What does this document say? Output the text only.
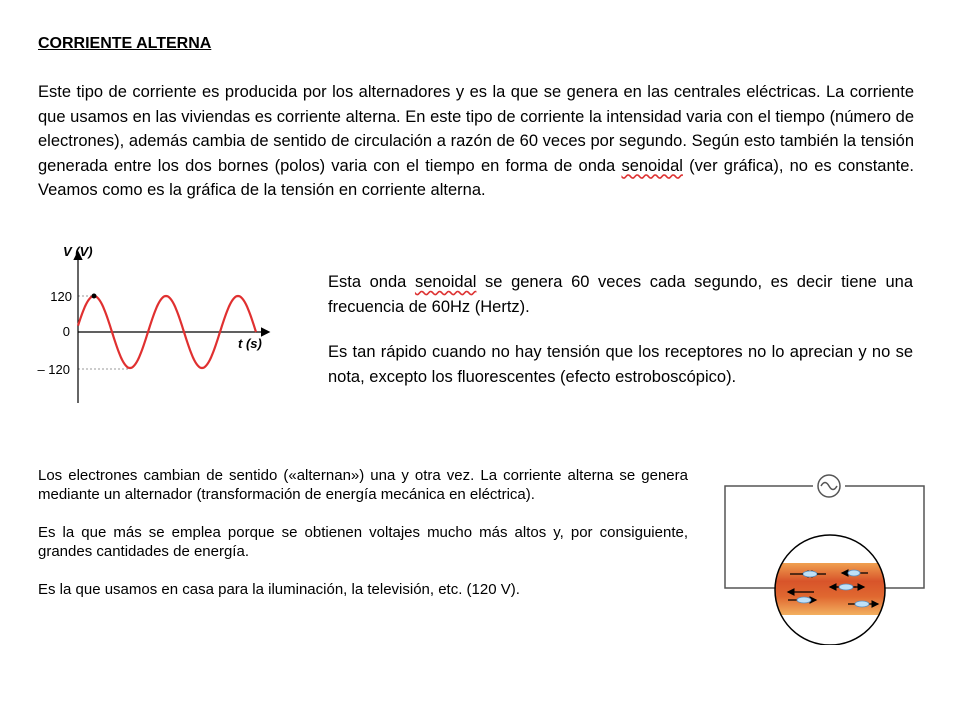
CORRIENTE ALTERNA
Este tipo de corriente es producida por los alternadores y es la que se genera en las centrales eléctricas. La corriente que usamos en las viviendas es corriente alterna. En este tipo de corriente la intensidad varia con el tiempo (número de electrones), además cambia de sentido de circulación a razón de 60 veces por segundo. Según esto también la tensión generada entre los dos bornes (polos) varia con el tiempo en forma de onda senoidal (ver gráfica), no es constante. Veamos como es la gráfica de la tensión en corriente alterna.
V (V)
t (s)
120
0
– 120

Esta onda senoidal se genera 60 veces cada segundo, es decir tiene una frecuencia de 60Hz (Hertz).

Es tan rápido cuando no hay tensión que los receptores no lo aprecian y no se nota, excepto los fluorescentes (efecto estroboscópico).

Los electrones cambian de sentido («alternan») una y otra vez. La corriente alterna se genera mediante un alternador (transformación de energía mecánica en eléctrica).

Es la que más se emplea porque se obtienen voltajes mucho más altos y, por consiguiente, grandes cantidades de energía.

Es la que usamos en casa para la iluminación, la televisión, etc. (120 V).
